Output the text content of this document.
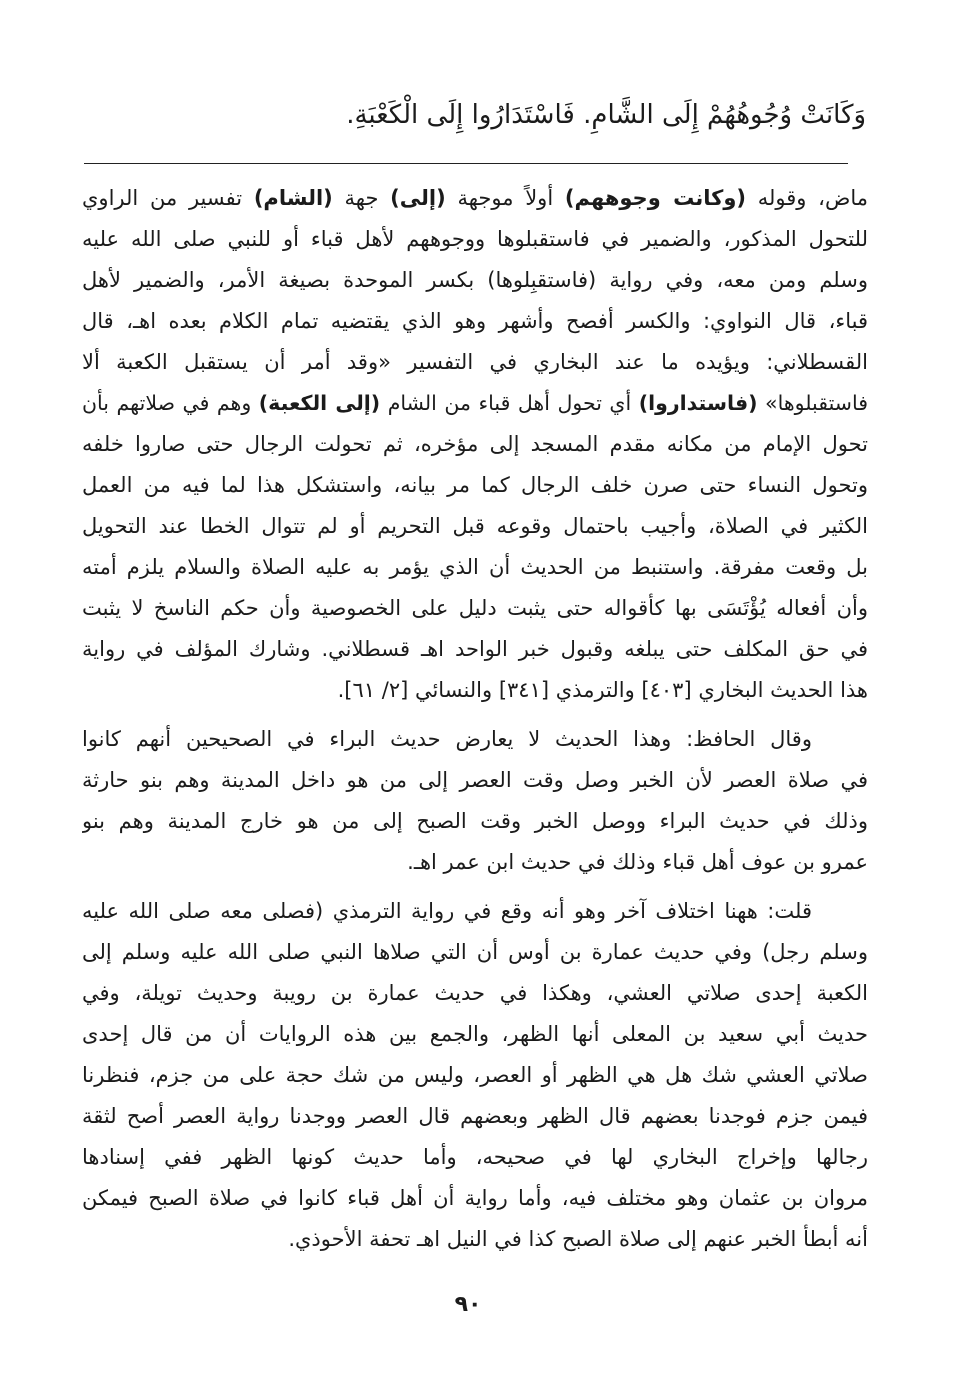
وَكَانَتْ وُجُوهُهُمْ إِلَى الشَّامِ. فَاسْتَدَارُوا إِلَى الْكَعْبَةِ.
ماض، وقوله (وكانت وجوههم) أولاً موجهة (إلى) جهة (الشام) تفسير من الراوي
للتحول المذكور، والضمير في فاستقبلوها ووجوههم لأهل قباء أو للنبي صلى الله عليه
وسلم ومن معه، وفي رواية (فاستقبِلوها) بكسر الموحدة بصيغة الأمر، والضمير لأهل
قباء، قال النواوي: والكسر أفصح وأشهر وهو الذي يقتضيه تمام الكلام بعده اهـ، قال
القسطلاني: ويؤيده ما عند البخاري في التفسير «وقد أمر أن يستقبل الكعبة ألا
فاستقبلوها» (فاستداروا) أي تحول أهل قباء من الشام (إلى الكعبة) وهم في صلاتهم بأن
تحول الإمام من مكانه مقدم المسجد إلى مؤخره، ثم تحولت الرجال حتى صاروا خلفه
وتحول النساء حتى صرن خلف الرجال كما مر بيانه، واستشكل هذا لما فيه من العمل
الكثير في الصلاة، وأجيب باحتمال وقوعه قبل التحريم أو لم تتوال الخطا عند التحويل
بل وقعت مفرقة. واستنبط من الحديث أن الذي يؤمر به عليه الصلاة والسلام يلزم أمته
وأن أفعاله يُؤْتَسَى بها كأقواله حتى يثبت دليل على الخصوصية وأن حكم الناسخ لا يثبت
في حق المكلف حتى يبلغه وقبول خبر الواحد اهـ قسطلاني. وشارك المؤلف في رواية
هذا الحديث البخاري [٤٠٣] والترمذي [٣٤١] والنسائي [٢/ ٦١].
وقال الحافظ: وهذا الحديث لا يعارض حديث البراء في الصحيحين أنهم كانوا
في صلاة العصر لأن الخبر وصل وقت العصر إلى من هو داخل المدينة وهم بنو حارثة
وذلك في حديث البراء ووصل الخبر وقت الصبح إلى من هو خارج المدينة وهم بنو
عمرو بن عوف أهل قباء وذلك في حديث ابن عمر اهـ.
قلت: ههنا اختلاف آخر وهو أنه وقع في رواية الترمذي (فصلى معه صلى الله عليه
وسلم رجل) وفي حديث عمارة بن أوس أن التي صلاها النبي صلى الله عليه وسلم إلى
الكعبة إحدى صلاتي العشي، وهكذا في حديث عمارة بن رويبة وحديث تويلة، وفي
حديث أبي سعيد بن المعلى أنها الظهر، والجمع بين هذه الروايات أن من قال إحدى
صلاتي العشي شك هل هي الظهر أو العصر، وليس من شك حجة على من جزم، فنظرنا
فيمن جزم فوجدنا بعضهم قال الظهر وبعضهم قال العصر ووجدنا رواية العصر أصح لثقة
رجالها وإخراج البخاري لها في صحيحه، وأما حديث كونها الظهر ففي إسنادها
مروان بن عثمان وهو مختلف فيه، وأما رواية أن أهل قباء كانوا في صلاة الصبح فيمكن
أنه أبطأ الخبر عنهم إلى صلاة الصبح كذا في النيل اهـ تحفة الأحوذي.
٩٠
